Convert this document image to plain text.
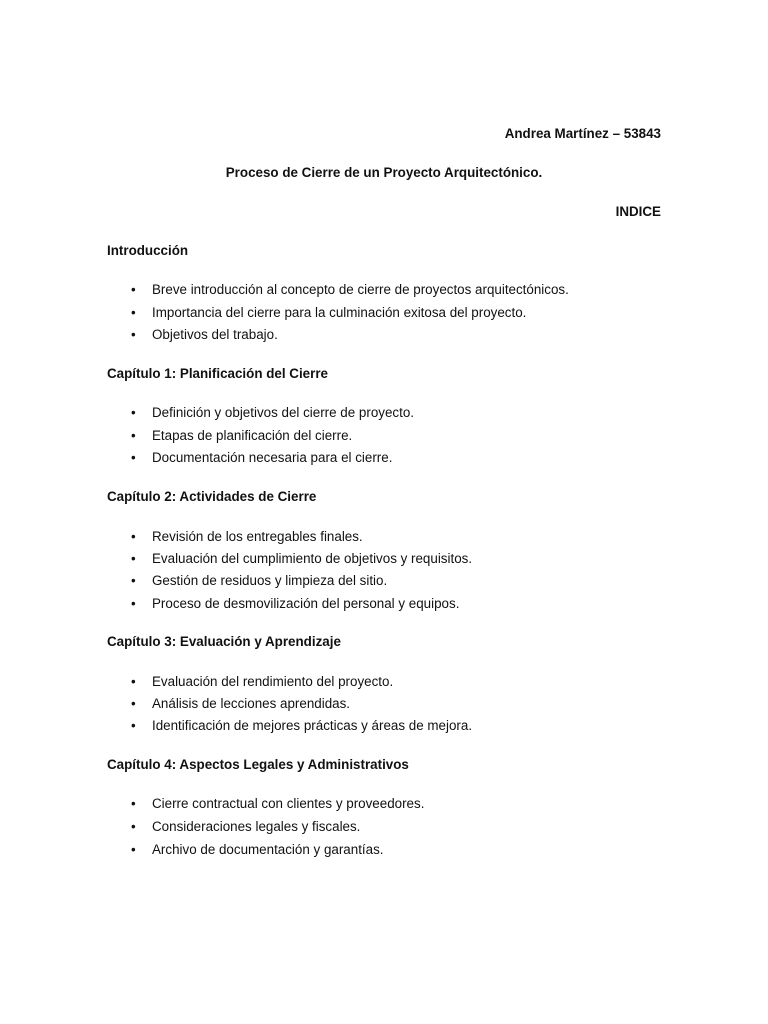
Andrea Martínez – 53843
Proceso de Cierre de un Proyecto Arquitectónico.
INDICE
Introducción
• Breve introducción al concepto de cierre de proyectos arquitectónicos.
• Importancia del cierre para la culminación exitosa del proyecto.
• Objetivos del trabajo.
Capítulo 1: Planificación del Cierre
• Definición y objetivos del cierre de proyecto.
• Etapas de planificación del cierre.
• Documentación necesaria para el cierre.
Capítulo 2: Actividades de Cierre
• Revisión de los entregables finales.
• Evaluación del cumplimiento de objetivos y requisitos.
• Gestión de residuos y limpieza del sitio.
• Proceso de desmovilización del personal y equipos.
Capítulo 3: Evaluación y Aprendizaje
• Evaluación del rendimiento del proyecto.
• Análisis de lecciones aprendidas.
• Identificación de mejores prácticas y áreas de mejora.
Capítulo 4: Aspectos Legales y Administrativos
• Cierre contractual con clientes y proveedores.
• Consideraciones legales y fiscales.
• Archivo de documentación y garantías.
